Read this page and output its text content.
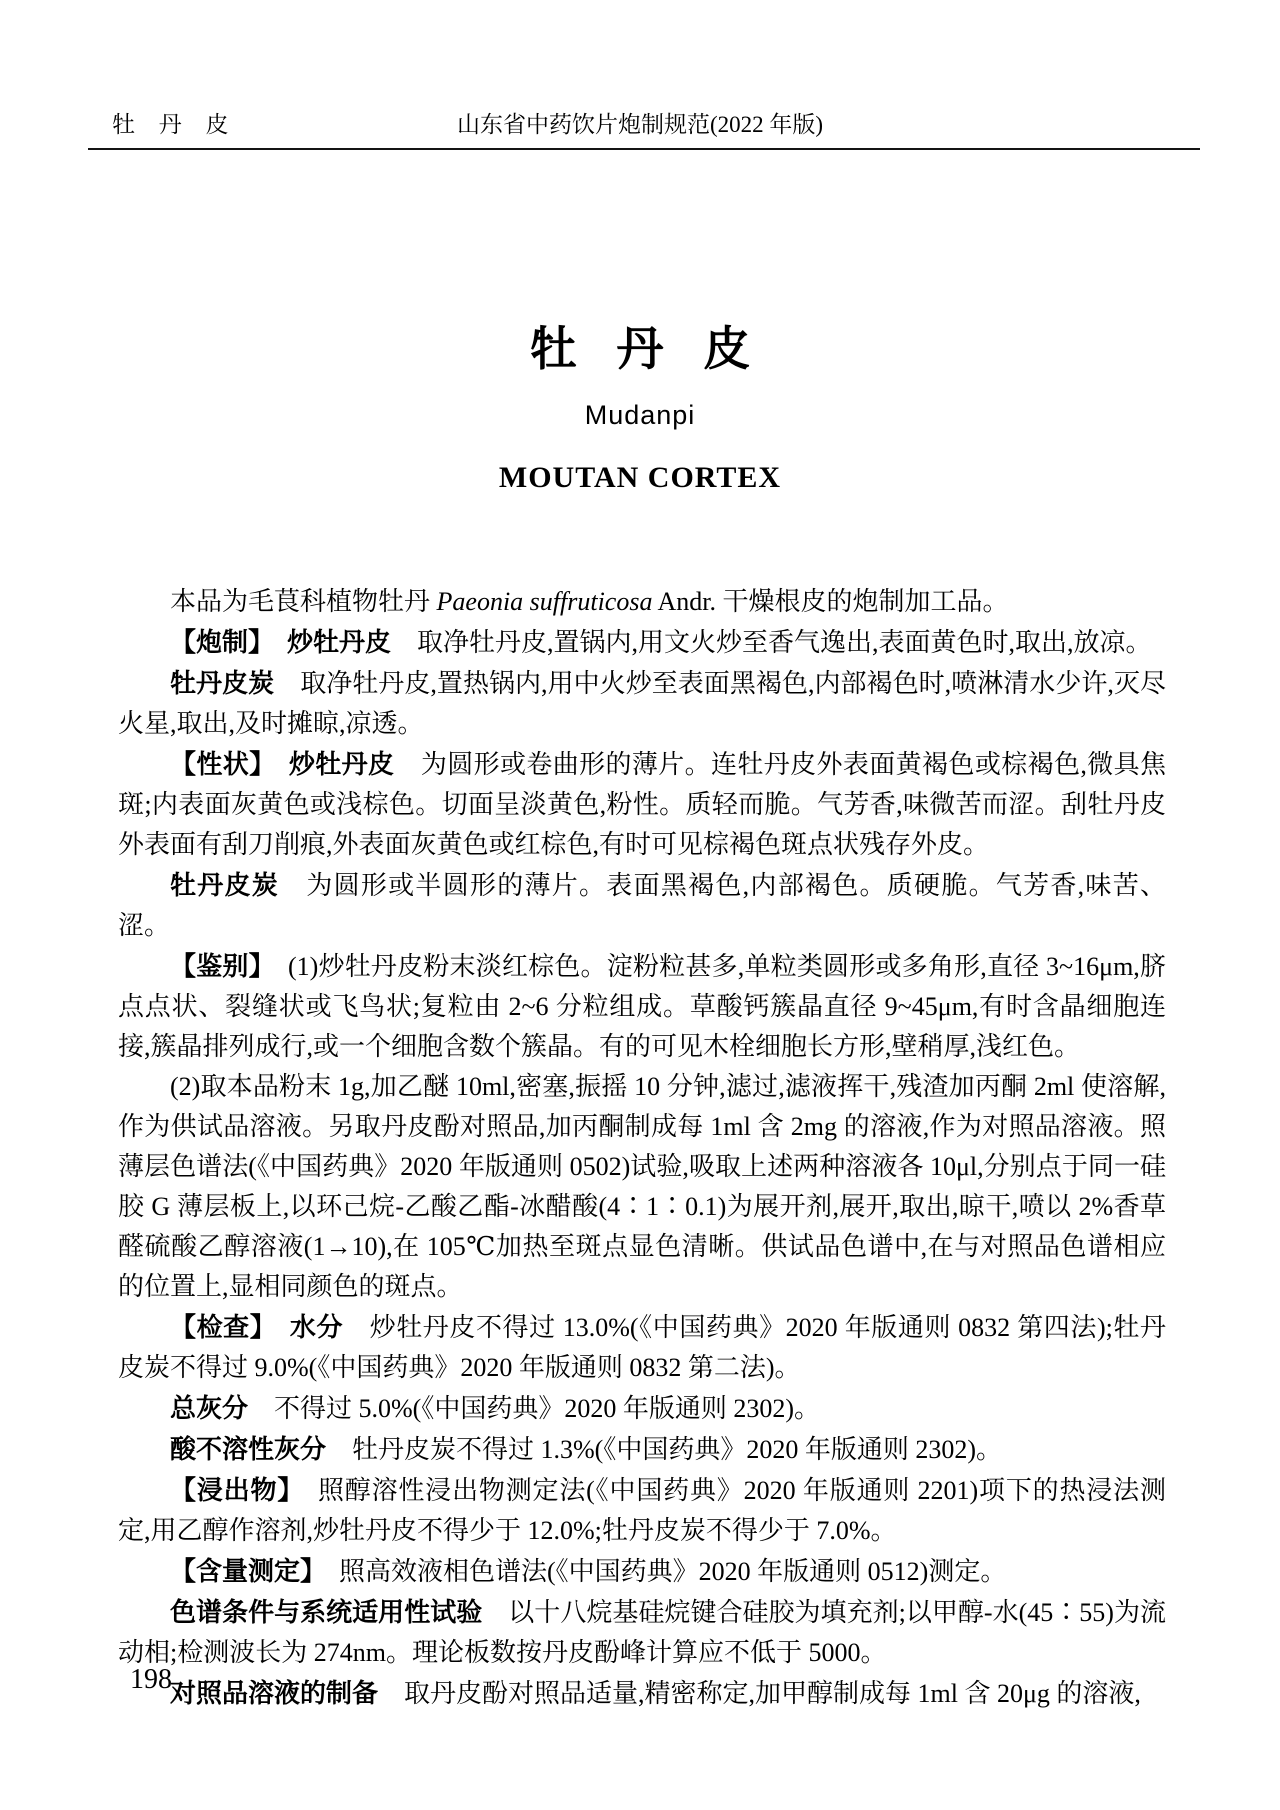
牡 丹 皮	山东省中药饮片炮制规范(2022 年版)
牡 丹 皮
Mudanpi
MOUTAN CORTEX

本品为毛茛科植物牡丹 Paeonia suffruticosa Andr. 干燥根皮的炮制加工品。

【炮制】　炒牡丹皮　取净牡丹皮,置锅内,用文火炒至香气逸出,表面黄色时,取出,放凉。

牡丹皮炭　取净牡丹皮,置热锅内,用中火炒至表面黑褐色,内部褐色时,喷淋清水少许,灭尽火星,取出,及时摊晾,凉透。

【性状】　炒牡丹皮　为圆形或卷曲形的薄片。连牡丹皮外表面黄褐色或棕褐色,微具焦斑;内表面灰黄色或浅棕色。切面呈淡黄色,粉性。质轻而脆。气芳香,味微苦而涩。刮牡丹皮外表面有刮刀削痕,外表面灰黄色或红棕色,有时可见棕褐色斑点状残存外皮。

牡丹皮炭　为圆形或半圆形的薄片。表面黑褐色,内部褐色。质硬脆。气芳香,味苦、涩。

【鉴别】　(1)炒牡丹皮粉末淡红棕色。淀粉粒甚多,单粒类圆形或多角形,直径 3~16μm,脐点点状、裂缝状或飞鸟状;复粒由 2~6 分粒组成。草酸钙簇晶直径 9~45μm,有时含晶细胞连接,簇晶排列成行,或一个细胞含数个簇晶。有的可见木栓细胞长方形,壁稍厚,浅红色。

(2)取本品粉末 1g,加乙醚 10ml,密塞,振摇 10 分钟,滤过,滤液挥干,残渣加丙酮 2ml 使溶解,作为供试品溶液。另取丹皮酚对照品,加丙酮制成每 1ml 含 2mg 的溶液,作为对照品溶液。照薄层色谱法(《中国药典》2020 年版通则 0502)试验,吸取上述两种溶液各 10μl,分别点于同一硅胶 G 薄层板上,以环己烷-乙酸乙酯-冰醋酸(4∶1∶0.1)为展开剂,展开,取出,晾干,喷以 2%香草醛硫酸乙醇溶液(1→10),在 105℃加热至斑点显色清晰。供试品色谱中,在与对照品色谱相应的位置上,显相同颜色的斑点。

【检查】　水分　炒牡丹皮不得过 13.0%(《中国药典》2020 年版通则 0832 第四法);牡丹皮炭不得过 9.0%(《中国药典》2020 年版通则 0832 第二法)。

总灰分　不得过 5.0%(《中国药典》2020 年版通则 2302)。

酸不溶性灰分　牡丹皮炭不得过 1.3%(《中国药典》2020 年版通则 2302)。

【浸出物】　照醇溶性浸出物测定法(《中国药典》2020 年版通则 2201)项下的热浸法测定,用乙醇作溶剂,炒牡丹皮不得少于 12.0%;牡丹皮炭不得少于 7.0%。

【含量测定】　照高效液相色谱法(《中国药典》2020 年版通则 0512)测定。

色谱条件与系统适用性试验　以十八烷基硅烷键合硅胶为填充剂;以甲醇-水(45∶55)为流动相;检测波长为 274nm。理论板数按丹皮酚峰计算应不低于 5000。

对照品溶液的制备　取丹皮酚对照品适量,精密称定,加甲醇制成每 1ml 含 20μg 的溶液,

198
